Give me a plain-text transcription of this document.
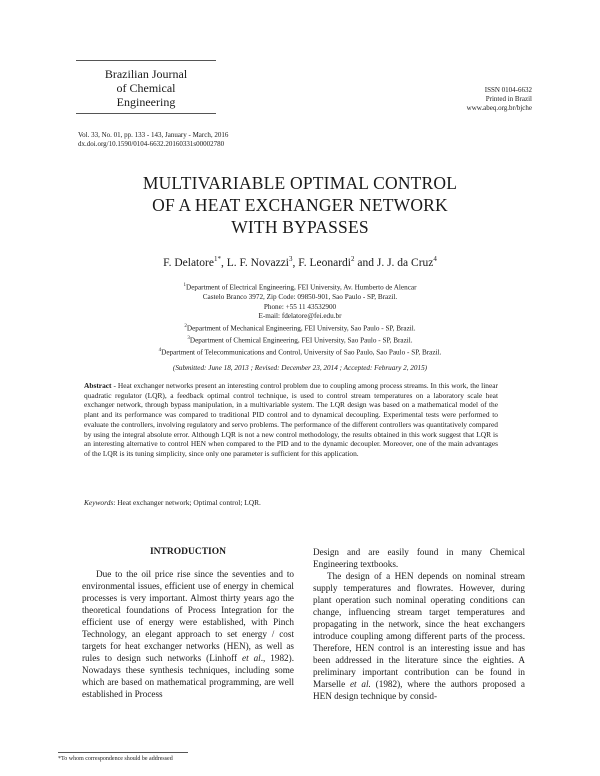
Brazilian Journal
of Chemical
Engineering
ISSN 0104-6632
Printed in Brazil
www.abeq.org.br/bjche
Vol. 33, No. 01, pp. 133 - 143, January - March, 2016
dx.doi.org/10.1590/0104-6632.20160331s00002780
MULTIVARIABLE OPTIMAL CONTROL
OF A HEAT EXCHANGER NETWORK
WITH BYPASSES
F. Delatore$^{1*}$, L. F. Novazzi$^3$, F. Leonardi$^2$ and J. J. da Cruz$^4$
$^1$Department of Electrical Engineering, FEI University, Av. Humberto de Alencar
Castelo Branco 3972, Zip Code: 09850-901, Sao Paulo - SP, Brazil.
Phone: +55 11 43532900
E-mail: fdelatore@fei.edu.br
$^2$Department of Mechanical Engineering, FEI University, Sao Paulo - SP, Brazil.
$^3$Department of Chemical Engineering, FEI University, Sao Paulo - SP, Brazil.
$^4$Department of Telecommunications and Control, University of Sao Paulo, Sao Paulo - SP, Brazil.
(Submitted: June 18, 2013 ; Revised: December 23, 2014 ; Accepted: February 2, 2015)
Abstract - Heat exchanger networks present an interesting control problem due to coupling among process streams. In this work, the linear quadratic regulator (LQR), a feedback optimal control technique, is used to control stream temperatures on a laboratory scale heat exchanger network, through bypass manipulation, in a multivariable system. The LQR design was based on a mathematical model of the plant and its performance was compared to traditional PID control and to dynamical decoupling. Experimental tests were performed to evaluate the controllers, involving regulatory and servo problems. The performance of the different controllers was quantitatively compared by using the integral absolute error. Although LQR is not a new control methodology, the results obtained in this work suggest that LQR is an interesting alternative to control HEN when compared to the PID and to the dynamic decoupler. Moreover, one of the main advantages of the LQR is its tuning simplicity, since only one parameter is sufficient for this application.
Keywords: Heat exchanger network; Optimal control; LQR.
INTRODUCTION

Due to the oil price rise since the seventies and to environmental issues, efficient use of energy in chemical processes is very important. Almost thirty years ago the theoretical foundations of Process Integration for the efficient use of energy were established, with Pinch Technology, an elegant approach to set energy / cost targets for heat exchanger networks (HEN), as well as rules to design such networks (Linhoff et al., 1982). Nowadays these synthesis techniques, including some which are based on mathematical programming, are well established in Process

Design and are easily found in many Chemical Engineering textbooks.

The design of a HEN depends on nominal stream supply temperatures and flowrates. However, during plant operation such nominal operating conditions can change, influencing stream target temperatures and propagating in the network, since the heat exchangers introduce coupling among different parts of the process. Therefore, HEN control is an interesting issue and has been addressed in the literature since the eighties. A preliminary important contribution can be found in Marselle et al. (1982), where the authors proposed a HEN design technique by consid-

*To whom correspondence should be addressed
